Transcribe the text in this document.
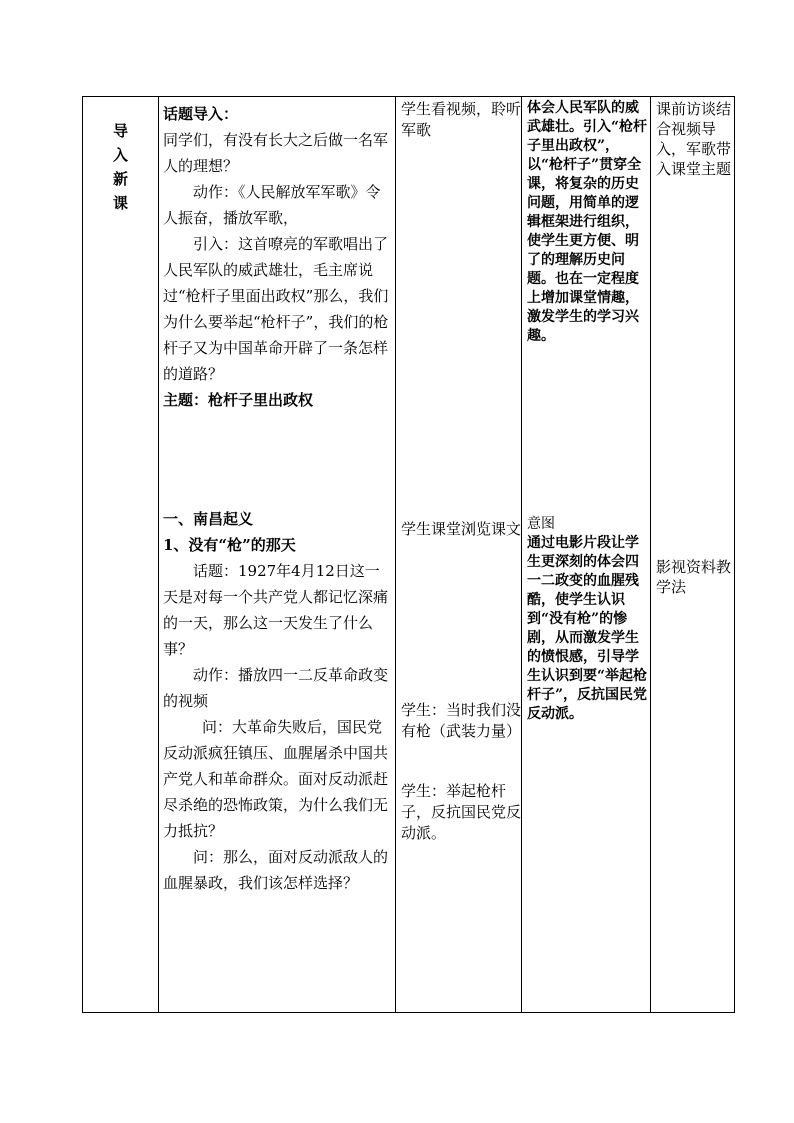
导
入
新
课

话题导入：

同学们，有没有长大之后做一名军人的理想？

动作：《人民解放军军歌》令人振奋，播放军歌，

引入：这首嘹亮的军歌唱出了人民军队的威武雄壮，毛主席说过“枪杆子里面出政权”那么，我们为什么要举起“枪杆子”，我们的枪杆子又为中国革命开辟了一条怎样的道路？

主题：枪杆子里出政权

一、南昌起义

1、没有“枪”的那天

话题：1927年4月12日这一天是对每一个共产党人都记忆深痛的一天，那么这一天发生了什么事？

动作：播放四一二反革命政变的视频

问：大革命失败后，国民党反动派疯狂镇压、血腥屠杀中国共产党人和革命群众。面对反动派赶尽杀绝的恐怖政策，为什么我们无力抵抗？

问：那么，面对反动派敌人的血腥暴政，我们该怎样选择？

学生看视频，聆听军歌
学生课堂浏览课文
学生：当时我们没有枪（武装力量）
学生：举起枪杆子，反抗国民党反动派。
体会人民军队的威武雄壮。引入“枪杆子里出政权”，以“枪杆子”贯穿全课，将复杂的历史问题，用简单的逻辑框架进行组织，使学生更方便、明了的理解历史问题。也在一定程度上增加课堂情趣，激发学生的学习兴趣。
意图
通过电影片段让学生更深刻的体会四一二政变的血腥残酷，使学生认识到“没有枪”的惨剧，从而激发学生的愤恨感，引导学生认识到要“举起枪杆子”，反抗国民党反动派。
课前访谈结合视频导入，军歌带入课堂主题
影视资料教学法
